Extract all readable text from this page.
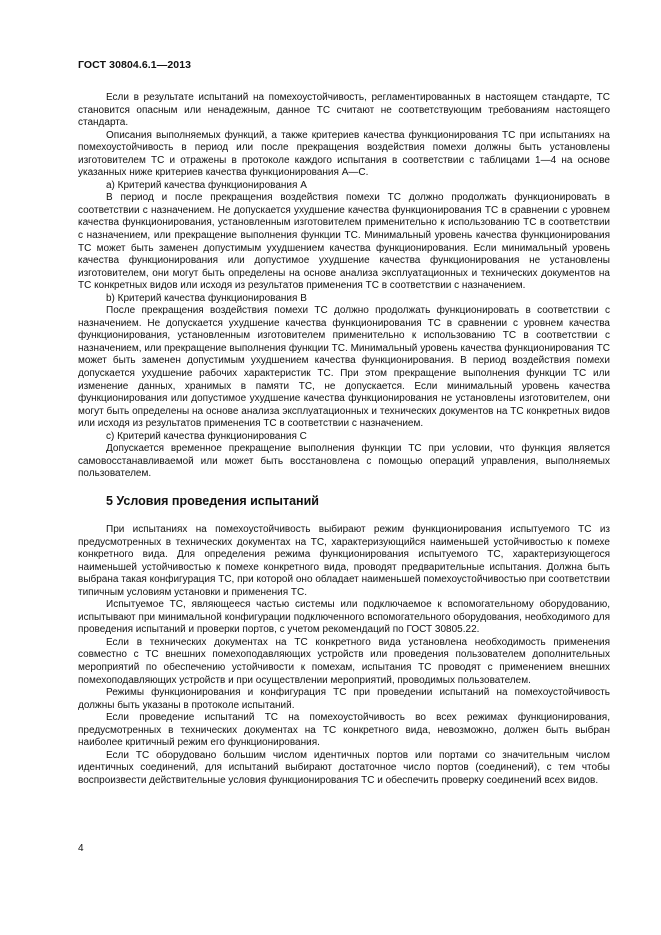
ГОСТ 30804.6.1—2013

Если в результате испытаний на помехоустойчивость, регламентированных в настоящем стандарте, ТС становится опасным или ненадежным, данное ТС считают не соответствующим требованиям настоящего стандарта.

Описания выполняемых функций, а также критериев качества функционирования ТС при испытаниях на помехоустойчивость в период или после прекращения воздействия помехи должны быть установлены изготовителем ТС и отражены в протоколе каждого испытания в соответствии с таблицами 1—4 на основе указанных ниже критериев качества функционирования А—С.

а) Критерий качества функционирования А

В период и после прекращения воздействия помехи ТС должно продолжать функционировать в соответствии с назначением. Не допускается ухудшение качества функционирования ТС в сравнении с уровнем качества функционирования, установленным изготовителем применительно к использованию ТС в соответствии с назначением, или прекращение выполнения функции ТС. Минимальный уровень качества функционирования ТС может быть заменен допустимым ухудшением качества функционирования. Если минимальный уровень качества функционирования или допустимое ухудшение качества функционирования не установлены изготовителем, они могут быть определены на основе анализа эксплуатационных и технических документов на ТС конкретных видов или исходя из результатов применения ТС в соответствии с назначением.

b) Критерий качества функционирования В

После прекращения воздействия помехи ТС должно продолжать функционировать в соответствии с назначением. Не допускается ухудшение качества функционирования ТС в сравнении с уровнем качества функционирования, установленным изготовителем применительно к использованию ТС в соответствии с назначением, или прекращение выполнения функции ТС. Минимальный уровень качества функционирования ТС может быть заменен допустимым ухудшением качества функционирования. В период воздействия помехи допускается ухудшение рабочих характеристик ТС. При этом прекращение выполнения функции ТС или изменение данных, хранимых в памяти ТС, не допускается. Если минимальный уровень качества функционирования или допустимое ухудшение качества функционирования не установлены изготовителем, они могут быть определены на основе анализа эксплуатационных и технических документов на ТС конкретных видов или исходя из результатов применения ТС в соответствии с назначением.

с) Критерий качества функционирования С

Допускается временное прекращение выполнения функции ТС при условии, что функция является самовосстанавливаемой или может быть восстановлена с помощью операций управления, выполняемых пользователем.

5 Условия проведения испытаний

При испытаниях на помехоустойчивость выбирают режим функционирования испытуемого ТС из предусмотренных в технических документах на ТС, характеризующийся наименьшей устойчивостью к помехе конкретного вида. Для определения режима функционирования испытуемого ТС, характеризующегося наименьшей устойчивостью к помехе конкретного вида, проводят предварительные испытания. Должна быть выбрана такая конфигурация ТС, при которой оно обладает наименьшей помехоустойчивостью при соответствии типичным условиям установки и применения ТС.

Испытуемое ТС, являющееся частью системы или подключаемое к вспомогательному оборудованию, испытывают при минимальной конфигурации подключенного вспомогательного оборудования, необходимого для проведения испытаний и проверки портов, с учетом рекомендаций по ГОСТ 30805.22.

Если в технических документах на ТС конкретного вида установлена необходимость применения совместно с ТС внешних помехоподавляющих устройств или проведения пользователем дополнительных мероприятий по обеспечению устойчивости к помехам, испытания ТС проводят с применением внешних помехоподавляющих устройств и при осуществлении мероприятий, проводимых пользователем.

Режимы функционирования и конфигурация ТС при проведении испытаний на помехоустойчивость должны быть указаны в протоколе испытаний.

Если проведение испытаний ТС на помехоустойчивость во всех режимах функционирования, предусмотренных в технических документах на ТС конкретного вида, невозможно, должен быть выбран наиболее критичный режим его функционирования.

Если ТС оборудовано большим числом идентичных портов или портами со значительным числом идентичных соединений, для испытаний выбирают достаточное число портов (соединений), с тем чтобы воспроизвести действительные условия функционирования ТС и обеспечить проверку соединений всех видов.

4
